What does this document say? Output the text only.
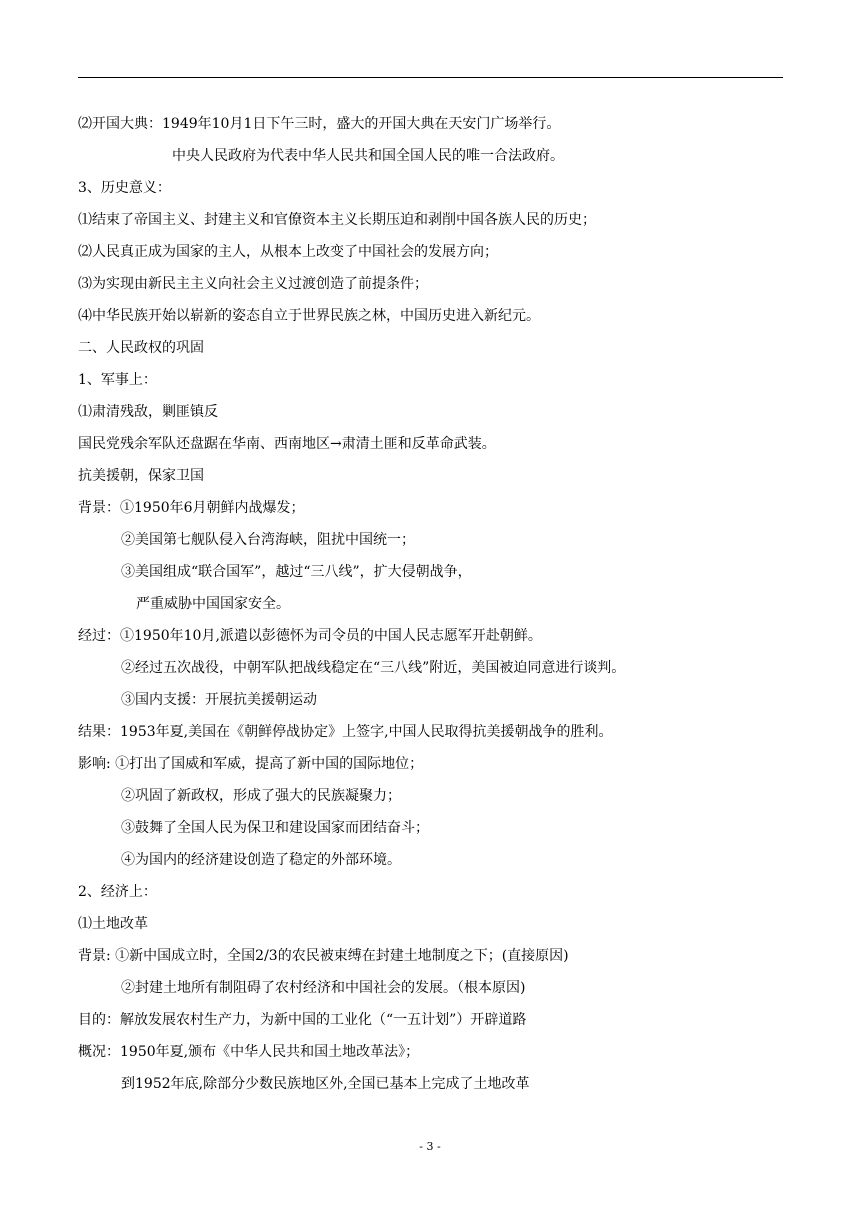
⑵开国大典：1949年10月1日下午三时，盛大的开国大典在天安门广场举行。
中央人民政府为代表中华人民共和国全国人民的唯一合法政府。
3、历史意义：
⑴结束了帝国主义、封建主义和官僚资本主义长期压迫和剥削中国各族人民的历史；
⑵人民真正成为国家的主人，从根本上改变了中国社会的发展方向；
⑶为实现由新民主主义向社会主义过渡创造了前提条件；
⑷中华民族开始以崭新的姿态自立于世界民族之林，中国历史进入新纪元。
二、人民政权的巩固
1、军事上：
⑴肃清残敌，剿匪镇反
国民党残余军队还盘踞在华南、西南地区→肃清土匪和反革命武装。
抗美援朝，保家卫国
背景：①1950年6月朝鲜内战爆发；
②美国第七舰队侵入台湾海峡，阻扰中国统一；
③美国组成“联合国军”，越过“三八线”，扩大侵朝战争，
严重威胁中国国家安全。
经过：①1950年10月,派遣以彭德怀为司令员的中国人民志愿军开赴朝鲜。
②经过五次战役，中朝军队把战线稳定在“三八线”附近，美国被迫同意进行谈判。
③国内支援：开展抗美援朝运动
结果：1953年夏,美国在《朝鲜停战协定》上签字,中国人民取得抗美援朝战争的胜利。
影响: ①打出了国威和军威，提高了新中国的国际地位；
②巩固了新政权，形成了强大的民族凝聚力；
③鼓舞了全国人民为保卫和建设国家而团结奋斗；
④为国内的经济建设创造了稳定的外部环境。
2、经济上：
⑴土地改革
背景: ①新中国成立时，全国2/3的农民被束缚在封建土地制度之下；(直接原因)
②封建土地所有制阻碍了农村经济和中国社会的发展。（根本原因)
目的：解放发展农村生产力，为新中国的工业化（“一五计划”）开辟道路
概况：1950年夏,颁布《中华人民共和国土地改革法》；
到1952年底,除部分少数民族地区外,全国已基本上完成了土地改革
- 3 -
